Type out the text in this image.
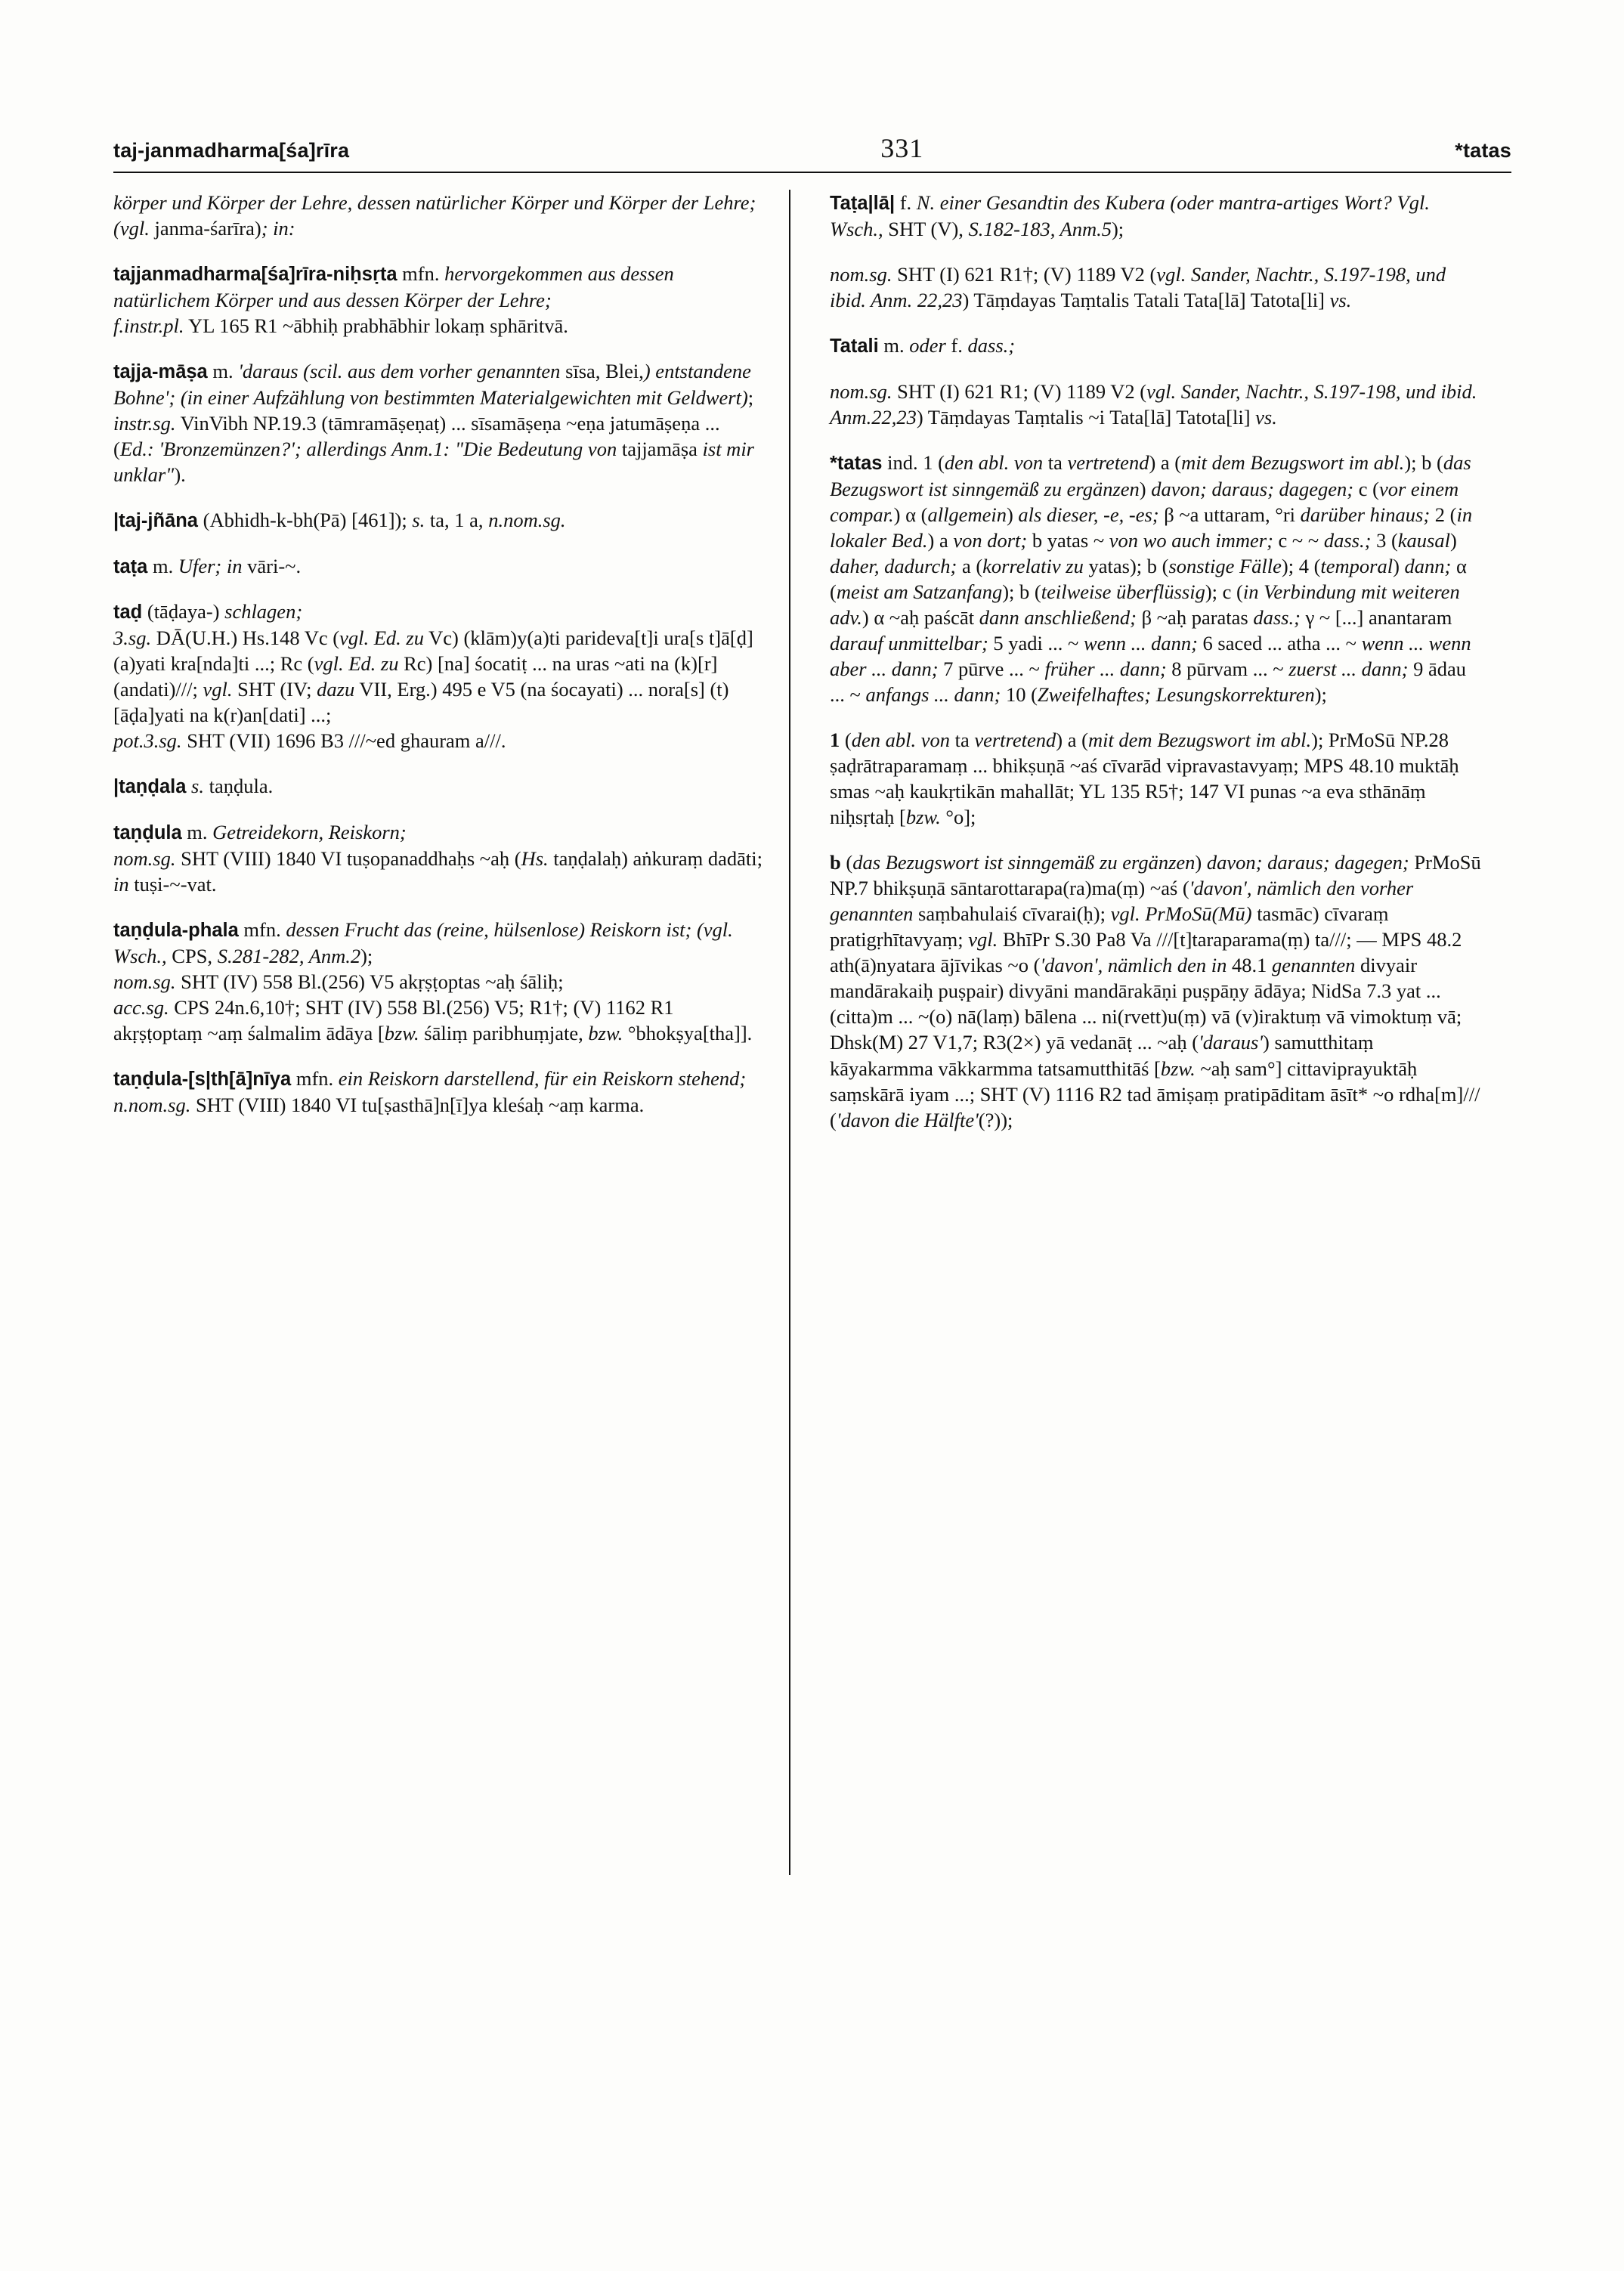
taj-janmadharma[śa]rīra	331	*tatas

körper und Körper der Lehre, dessen natürlicher Körper und Körper der Lehre; (vgl. janma-śarīra); in:

tajjanmadharma[śa]rīra-niḥsṛta mfn. hervorgekommen aus dessen natürlichem Körper und aus dessen Körper der Lehre;
f.instr.pl. YL 165 R1 ~ābhiḥ prabhābhir lokaṃ sphāritvā.

tajja-māṣa m. 'daraus (scil. aus dem vorher genannten sīsa, Blei,) entstandene Bohne'; (in einer Aufzählung von bestimmten Materialgewichten mit Geldwert);
instr.sg. VinVibh NP.19.3 (tāmramāṣeṇaṭ) ... sīsamāṣeṇa ~eṇa jatumāṣeṇa ... (Ed.: 'Bronzemünzen?'; allerdings Anm.1: "Die Bedeutung von tajjamāṣa ist mir unklar").

|taj-jñāna (Abhidh-k-bh(Pā) [461]); s. ta, 1 a, n.nom.sg.

taṭa m. Ufer; in vāri-~.

taḍ (tāḍaya-) schlagen;
3.sg. DĀ(U.H.) Hs.148 Vc (vgl. Ed. zu Vc) (klām)y(a)ti parideva[t]i ura[s t]ā[ḍ](a)yati kra[nda]ti ...; Rc (vgl. Ed. zu Rc) [na] śocatiṭ ... na uras ~ati na (k)[r](andati)///; vgl. SHT (IV; dazu VII, Erg.) 495 e V5 (na śocayati) ... nora[s] (t)[āḍa]yati na k(r)an[dati] ...;
pot.3.sg. SHT (VII) 1696 B3 ///~ed ghauram a///.

|taṇḍala s. taṇḍula.

taṇḍula m. Getreidekorn, Reiskorn;
nom.sg. SHT (VIII) 1840 VI tuṣopanaddhaḥs ~aḥ (Hs. taṇḍalaḥ) aṅkuraṃ dadāti;
in tuṣi-~-vat.

taṇḍula-phala mfn. dessen Frucht das (reine, hülsenlose) Reiskorn ist; (vgl. Wsch., CPS, S.281-282, Anm.2);
nom.sg. SHT (IV) 558 Bl.(256) V5 akṛṣṭoptas ~aḥ śāliḥ;
acc.sg. CPS 24n.6,10†; SHT (IV) 558 Bl.(256) V5; R1†; (V) 1162 R1 akṛṣṭoptaṃ ~aṃ śalmalim ādāya [bzw. śāliṃ paribhuṃjate, bzw. °bhokṣya[tha]].

taṇḍula-[s|th[ā]nīya mfn. ein Reiskorn darstellend, für ein Reiskorn stehend;
n.nom.sg. SHT (VIII) 1840 VI tu[ṣasthā]n[ī]ya kleśaḥ ~aṃ karma.

Taṭa|lā| f. N. einer Gesandtin des Kubera (oder mantra-artiges Wort? Vgl. Wsch., SHT (V), S.182-183, Anm.5);

nom.sg. SHT (I) 621 R1†; (V) 1189 V2 (vgl. Sander, Nachtr., S.197-198, und ibid. Anm. 22,23) Tāṃdayas Taṃtalis Tatali Tata[lā] Tatota[li] vs.

Tatali m. oder f. dass.;

nom.sg. SHT (I) 621 R1; (V) 1189 V2 (vgl. Sander, Nachtr., S.197-198, und ibid. Anm.22,23) Tāṃdayas Taṃtalis ~i Tata[lā] Tatota[li] vs.

*tatas ind. 1 (den abl. von ta vertretend) a (mit dem Bezugswort im abl.); b (das Bezugswort ist sinngemäß zu ergänzen) davon; daraus; dagegen; c (vor einem compar.) α (allgemein) als dieser, -e, -es; β ~a uttaram, °ri darüber hinaus; 2 (in lokaler Bed.) a von dort; b yatas ~ von wo auch immer; c ~ ~ dass.; 3 (kausal) daher, dadurch; a (korrelativ zu yatas); b (sonstige Fälle); 4 (temporal) dann; α (meist am Satzanfang); b (teilweise überflüssig); c (in Verbindung mit weiteren adv.) α ~aḥ paścāt dann anschließend; β ~aḥ paratas dass.; γ ~ [...] anantaram darauf unmittelbar; 5 yadi ... ~ wenn ... dann; 6 saced ... atha ... ~ wenn ... wenn aber ... dann; 7 pūrve ... ~ früher ... dann; 8 pūrvam ... ~ zuerst ... dann; 9 ādau ... ~ anfangs ... dann; 10 (Zweifelhaftes; Lesungskorrekturen);

1 (den abl. von ta vertretend) a (mit dem Bezugswort im abl.); PrMoSū NP.28 ṣaḍrātraparamaṃ ... bhikṣuṇā ~aś cīvarād vipravastavyaṃ; MPS 48.10 muktāḥ smas ~aḥ kaukṛtikān mahallāt; YL 135 R5†; 147 VI punas ~a eva sthānāṃ niḥsṛtaḥ [bzw. °o];

b (das Bezugswort ist sinngemäß zu ergänzen) davon; daraus; dagegen; PrMoSū NP.7 bhikṣuṇā sāntarottarapa(ra)ma(ṃ) ~aś ('davon', nämlich den vorher genannten saṃbahulaiś cīvarai(ḥ); vgl. PrMoSū(Mū) tasmāc) cīvaraṃ pratigṛhītavyaṃ; vgl. BhīPr S.30 Pa8 Va ///[t]taraparama(ṃ) ta///; — MPS 48.2 ath(ā)nyatara ājīvikas ~o ('davon', nämlich den in 48.1 genannten divyair mandārakaiḥ puṣpair) divyāni mandārakāṇi puṣpāṇy ādāya; NidSa 7.3 yat ... (citta)m ... ~(o) nā(laṃ) bālena ... ni(rvett)u(ṃ) vā (v)iraktuṃ vā vimoktuṃ vā; Dhsk(M) 27 V1,7; R3(2×) yā vedanāṭ ... ~aḥ ('daraus') samutthitaṃ kāyakarmma vākkarmma tatsamutthitāś [bzw. ~aḥ sam°] cittaviprayuktāḥ saṃskārā iyam ...; SHT (V) 1116 R2 tad āmiṣaṃ pratipāditam āsīt* ~o rdha[m]/// ('davon die Hälfte'(?));
